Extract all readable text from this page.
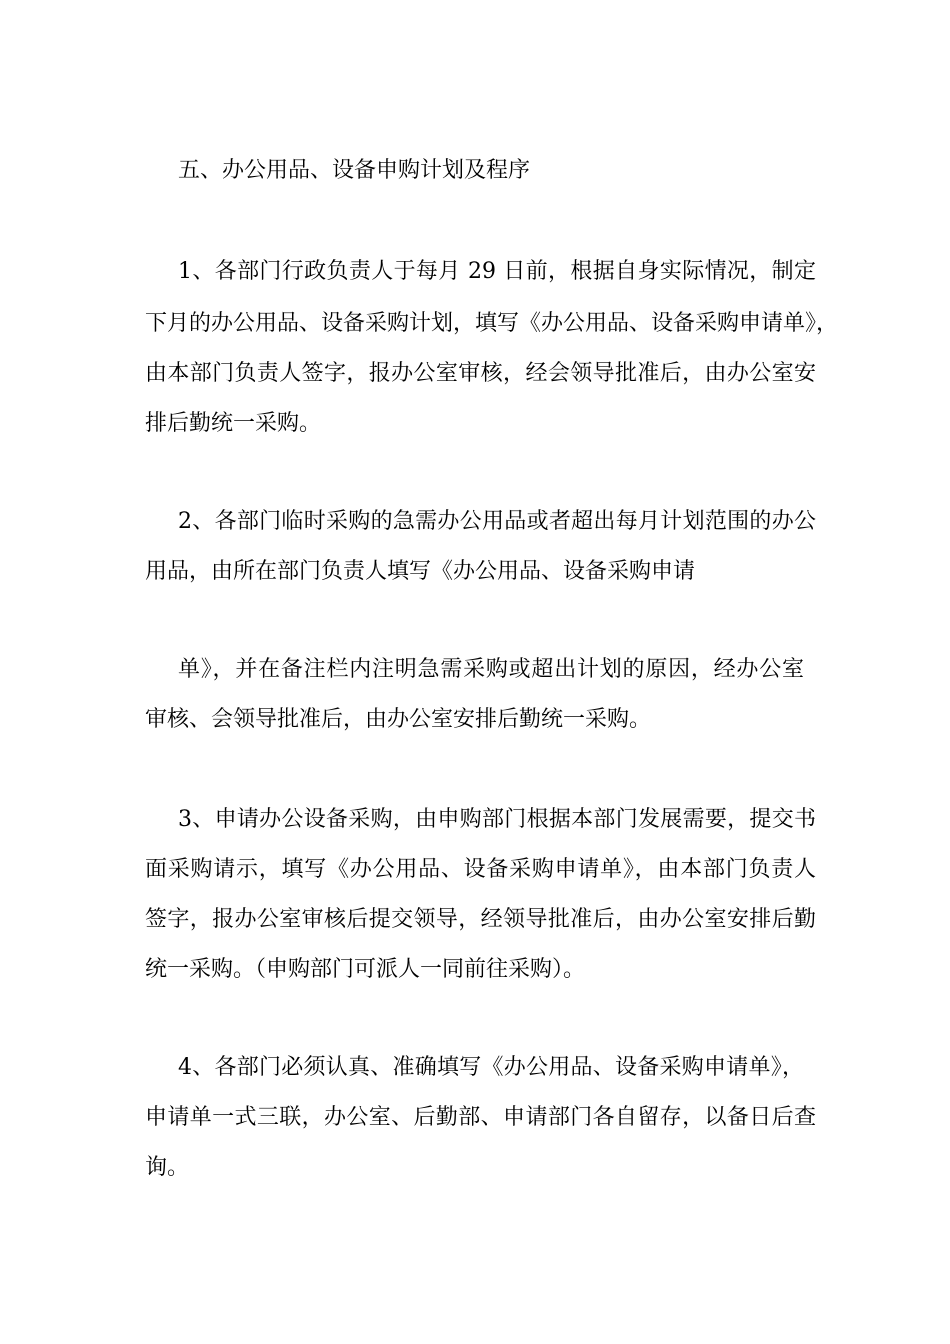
五、办公用品、设备申购计划及程序
1、各部门行政负责人于每月 29 日前，根据自身实际情况，制定
下月的办公用品、设备采购计划，填写《办公用品、设备采购申请单》，
由本部门负责人签字，报办公室审核，经会领导批准后，由办公室安
排后勤统一采购。
2、各部门临时采购的急需办公用品或者超出每月计划范围的办公
用品，由所在部门负责人填写《办公用品、设备采购申请
单》，并在备注栏内注明急需采购或超出计划的原因，经办公室
审核、会领导批准后，由办公室安排后勤统一采购。
3、申请办公设备采购，由申购部门根据本部门发展需要，提交书
面采购请示，填写《办公用品、设备采购申请单》，由本部门负责人
签字，报办公室审核后提交领导，经领导批准后，由办公室安排后勤
统一采购。（申购部门可派人一同前往采购）。
4、各部门必须认真、准确填写《办公用品、设备采购申请单》，
申请单一式三联，办公室、后勤部、申请部门各自留存，以备日后查
询。
